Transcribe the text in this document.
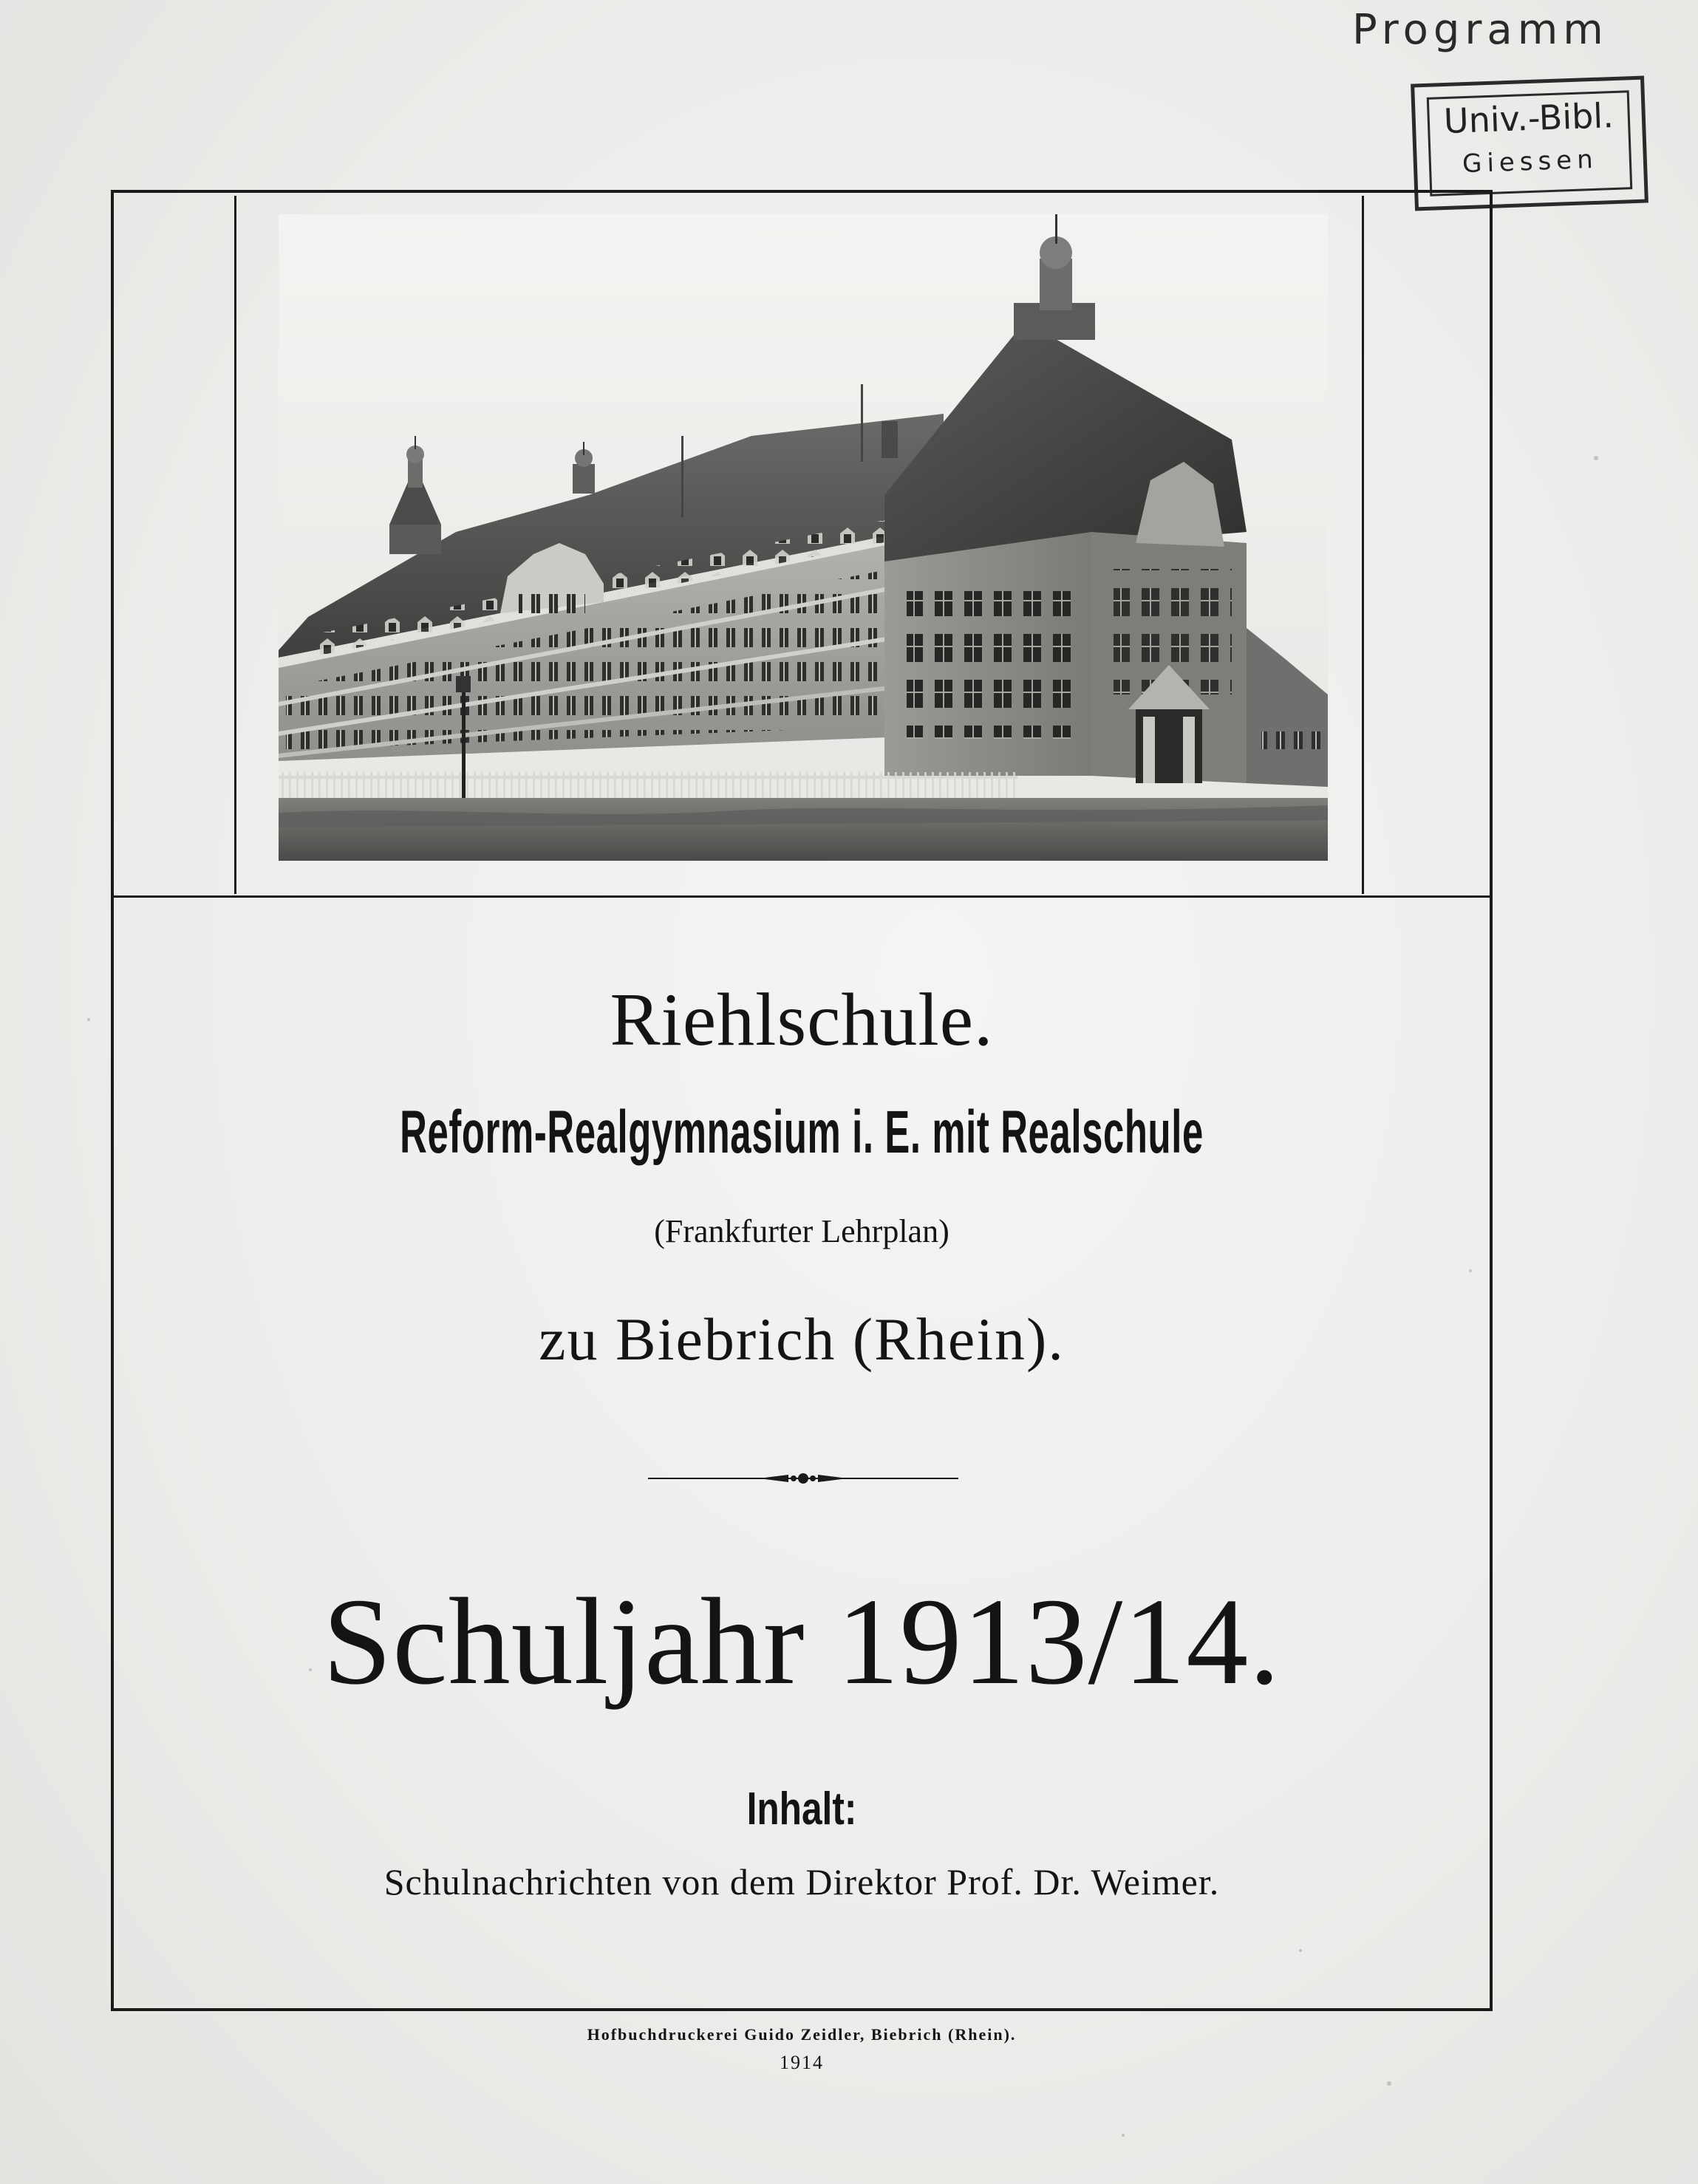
Programm
Univ.-Bibl.
Giessen
Riehlschule.
Reform-Realgymnasium i. E. mit Realschule
(Frankfurter Lehrplan)
zu Biebrich (Rhein).
Schuljahr 1913/14.
Inhalt:
Schulnachrichten von dem Direktor Prof. Dr. Weimer.
Hofbuchdruckerei Guido Zeidler, Biebrich (Rhein).
1914
